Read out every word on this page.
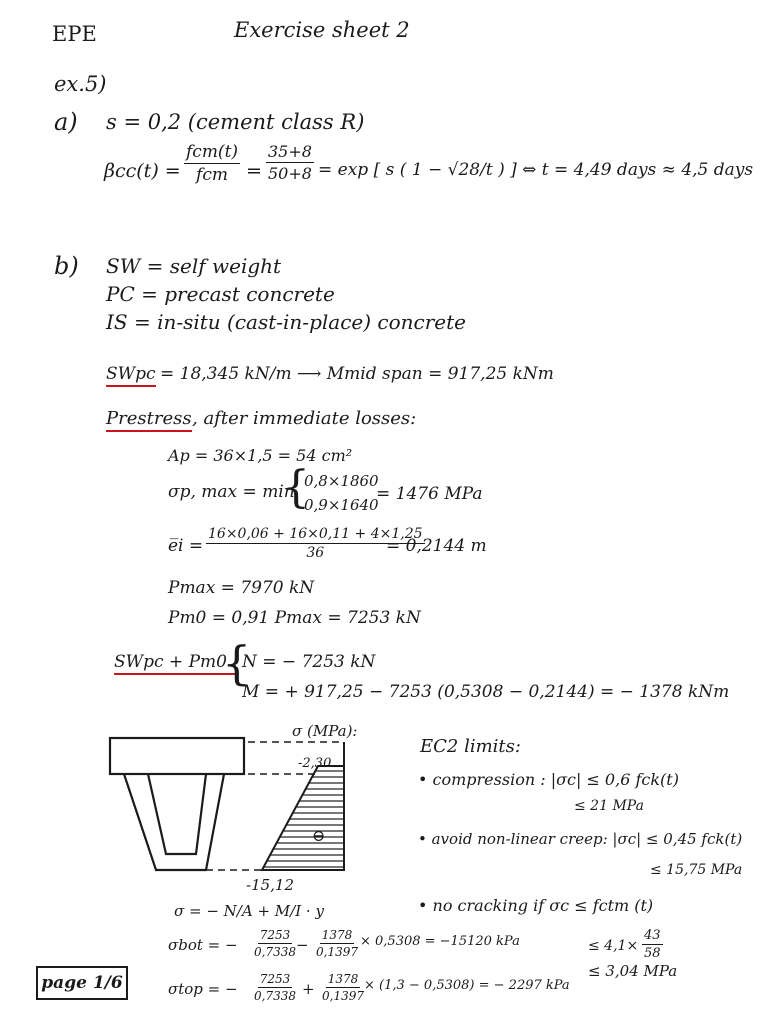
EPE	Exercise sheet 2
ex.5)
a) s = 0,2 (cement class R)
βcc(t) =
fcm(t)
fcm = $\frac{35+8}{50+8} = \exp$ [ s ( 1 − √28/t ) ] ⇔ t = 4,49 days ≈ 4,5 days
b) SW = self weight
PC = precast concrete
IS = in-situ (cast-in-place) concrete
SWpc = 18,345 kN/m ⟶ Mmid span = 917,25 kNm
Prestress , after immediate losses:
Ap = 36×1,5 = 54 cm²
σp, max = min
{
0,8×1860
0,9×1640
= 1476 MPa
e̅i = $\frac{16\times 0,06 + 16\times 0,11 + 4\times 1,25}{36}$
= 0,2144 m
Pmax = 7970 kN
Pm0 = 0,91 Pmax = 7253 kN
SWpc + Pm0 :
{
N = − 7253 kN
M = + 917,25 − 7253 (0,5308 − 0,2144) = − 1378 kNm
σ (MPa):
-2,30
-15,12
⊖
EC2 limits:
• compression : |σc| ≤ 0,6 fck(t)
≤ 21 MPa
• avoid non-linear creep: |σc| ≤ 0,45 fck(t)
≤ 15,75 MPa
• no cracking if σc ≤ fctm (t)
≤ $4,1\times \frac{43}{58}$
≤ 3,04 MPa
σ = − N/A + M/I · y
σbot = − $\frac{7253}{0,7338}$
− $\frac{1378}{0,1397} \times 0,5308 = -15120$ kPa
σtop = − $\frac{7253}{0,7338} + \frac{1378}{0,1397}$
× (1,3 − 0,5308) = − 2297 kPa
page 1/6
